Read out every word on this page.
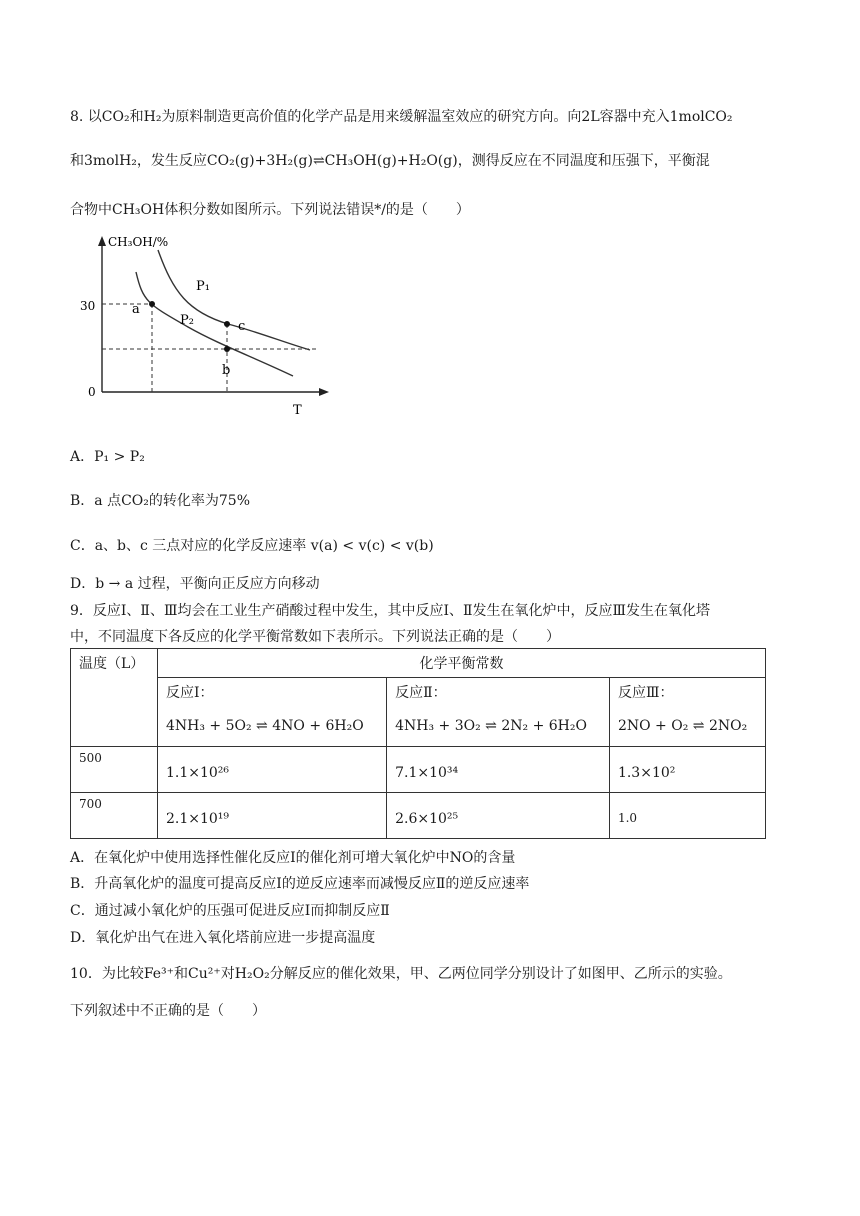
8. 以CO₂和H₂为原料制造更高价值的化学产品是用来缓解温室效应的研究方向。向2L容器中充入1molCO₂
和3molH₂，发生反应CO₂(g)+3H₂(g)⇌CH₃OH(g)+H₂O(g)，测得反应在不同温度和压强下，平衡混
合物中CH₃OH体积分数如图所示。下列说法错误*/的是（　　）
CH₃OH/%
T
30
0
a
c
b
P₁
P₂
A．P₁ > P₂
B．a 点CO₂的转化率为75%
C．a、b、c 三点对应的化学反应速率 v(a) < v(c) < v(b)
D．b → a 过程，平衡向正反应方向移动
9．反应Ⅰ、Ⅱ、Ⅲ均会在工业生产硝酸过程中发生，其中反应Ⅰ、Ⅱ发生在氧化炉中，反应Ⅲ发生在氧化塔
中，不同温度下各反应的化学平衡常数如下表所示。下列说法正确的是（　　）
温度（L）	化学平衡常数		
	反应Ⅰ：
4NH₃ + 5O₂ ⇌ 4NO + 6H₂O	反应Ⅱ：
4NH₃ + 3O₂ ⇌ 2N₂ + 6H₂O	反应Ⅲ：
2NO + O₂ ⇌ 2NO₂

500	1.1×10²⁶	7.1×10³⁴	1.3×10²

700	2.1×10¹⁹	2.6×10²⁵	1.0
A．在氧化炉中使用选择性催化反应Ⅰ的催化剂可增大氧化炉中NO的含量
B．升高氧化炉的温度可提高反应Ⅰ的逆反应速率而减慢反应Ⅱ的逆反应速率
C．通过减小氧化炉的压强可促进反应Ⅰ而抑制反应Ⅱ
D．氧化炉出气在进入氧化塔前应进一步提高温度
10．为比较Fe³⁺和Cu²⁺对H₂O₂分解反应的催化效果，甲、乙两位同学分别设计了如图甲、乙所示的实验。
下列叙述中不正确的是（　　）
